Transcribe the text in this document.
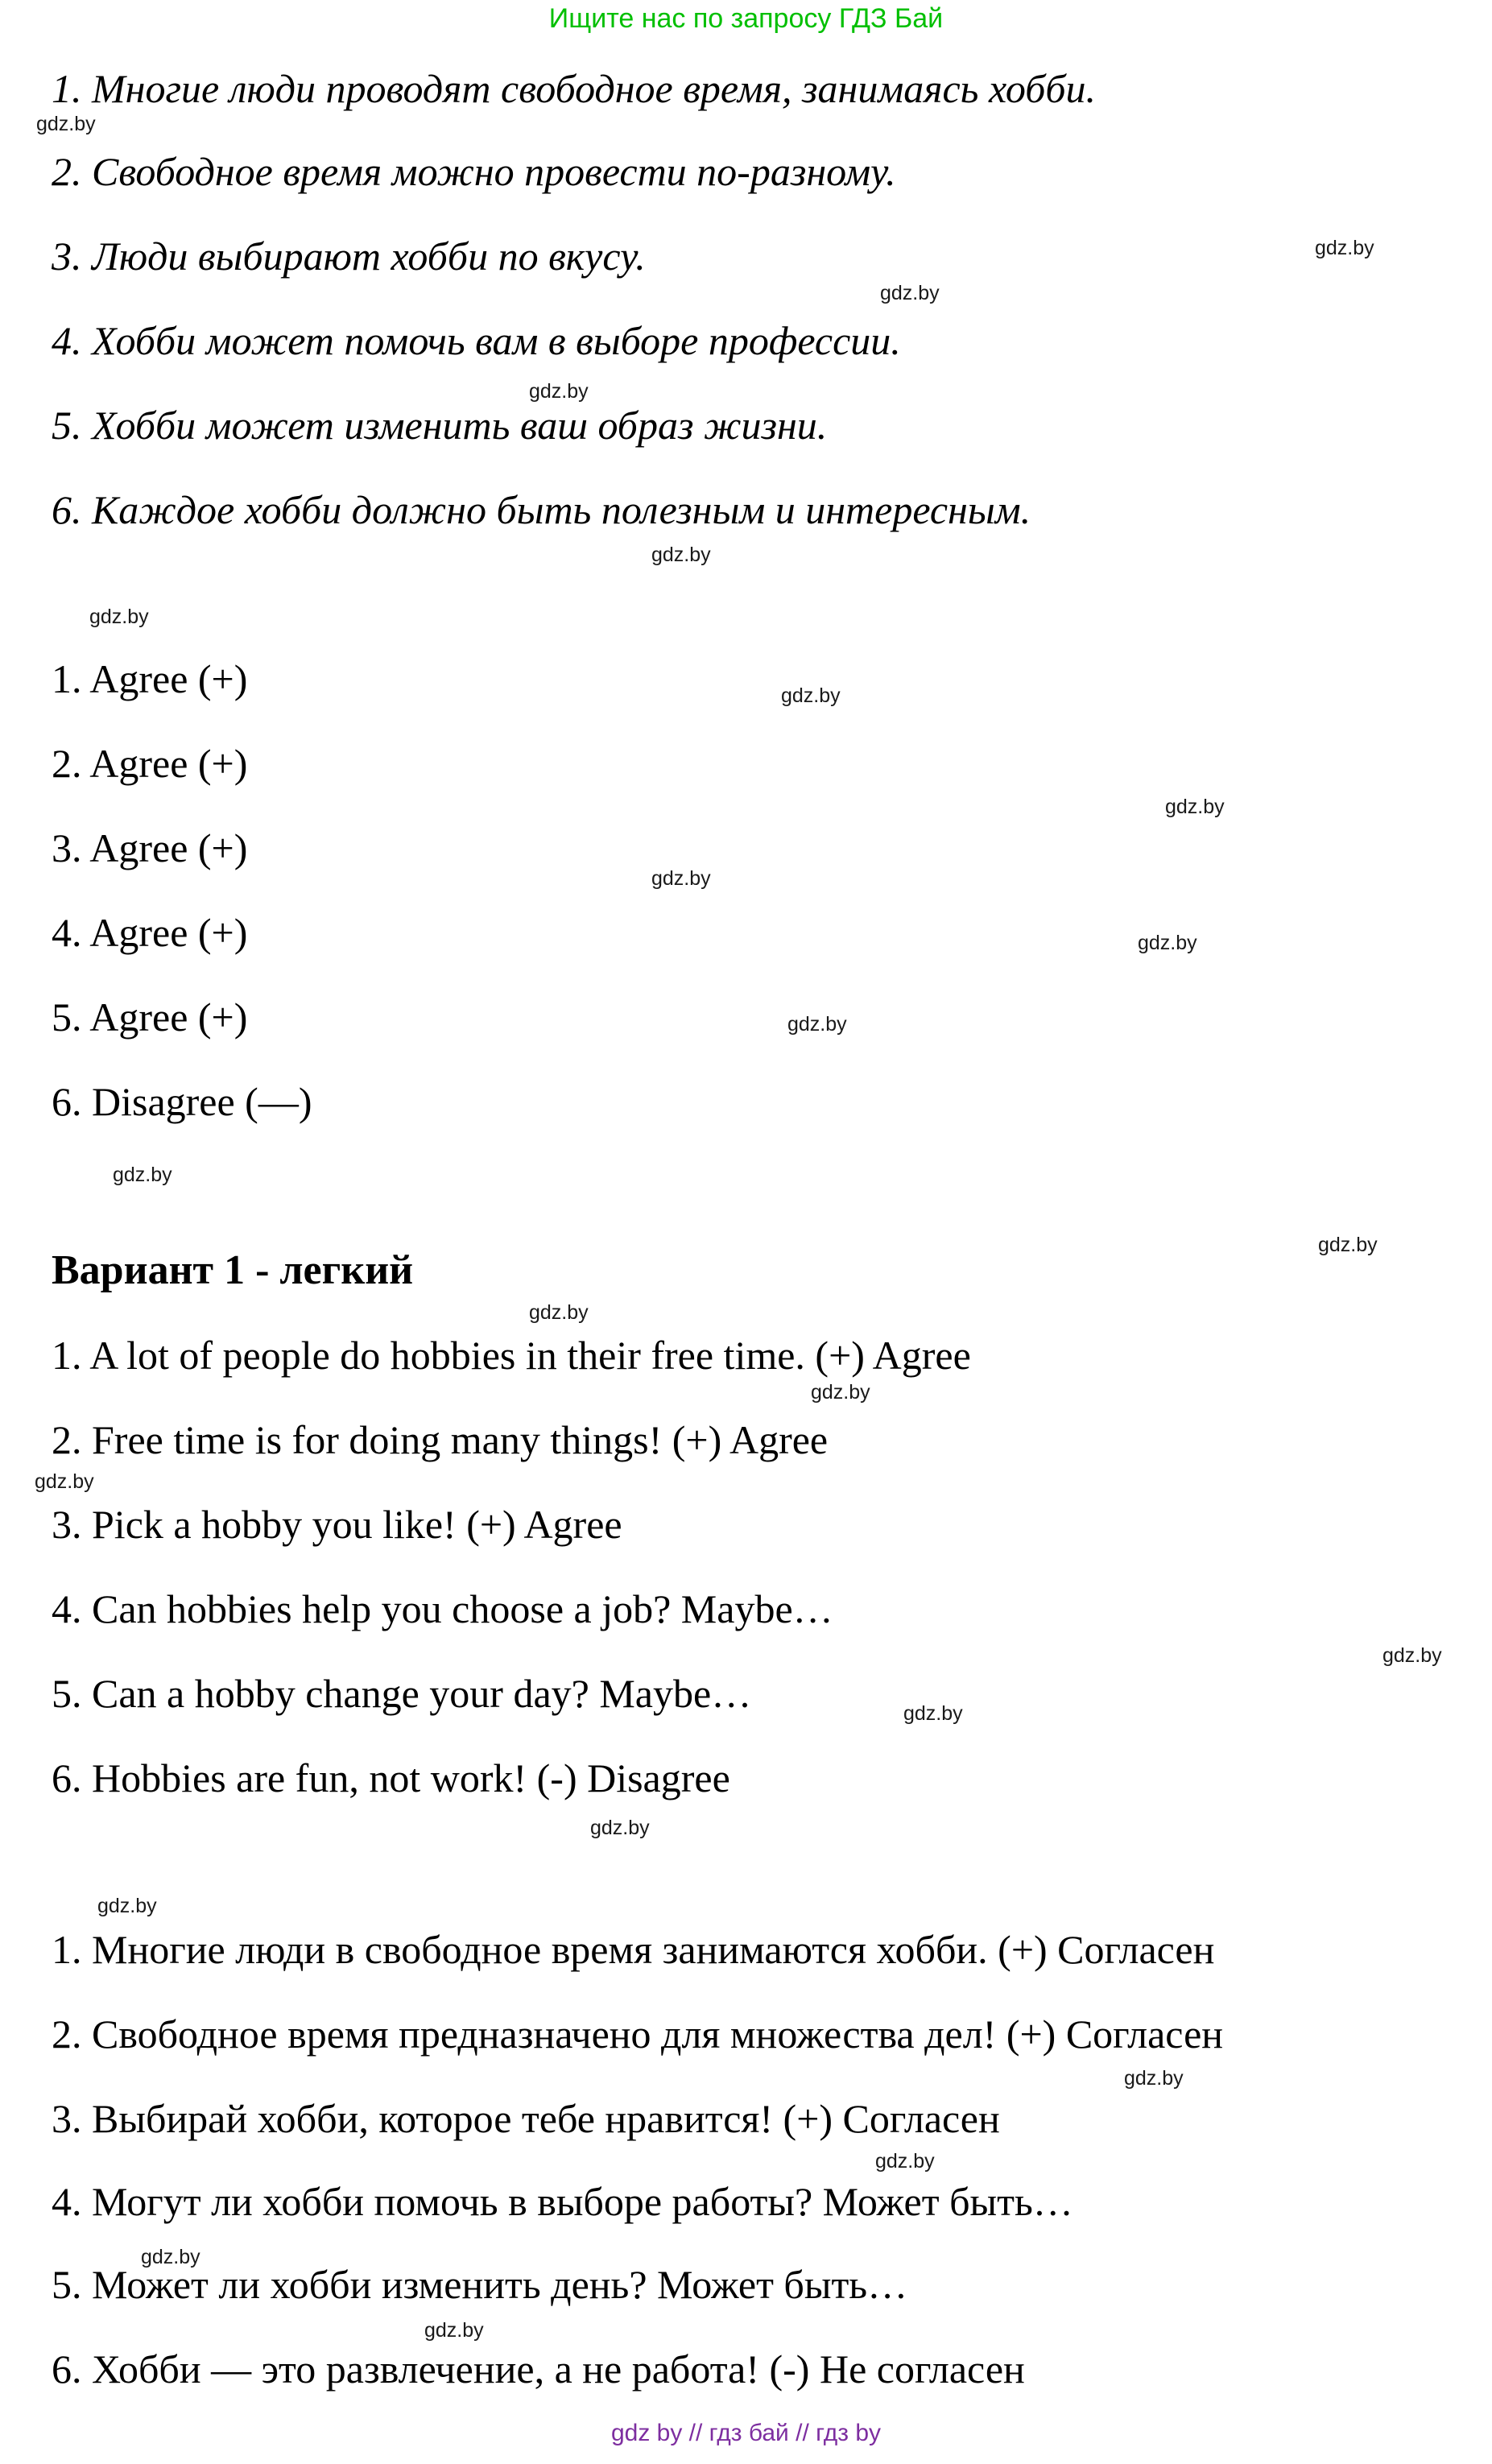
Ищите нас по запросу ГДЗ Бай
1. Многие люди проводят свободное время, занимаясь хобби.
2. Свободное время можно провести по-разному.
3. Люди выбирают хобби по вкусу.
4. Хобби может помочь вам в выборе профессии.
5. Хобби может изменить ваш образ жизни.
6. Каждое хобби должно быть полезным и интересным.
1. Agree (+)
2. Agree (+)
3. Agree (+)
4. Agree (+)
5. Agree (+)
6. Disagree (—)
Вариант 1 - легкий
1. A lot of people do hobbies in their free time. (+) Agree
2. Free time is for doing many things! (+) Agree
3. Pick a hobby you like! (+) Agree
4. Can hobbies help you choose a job? Maybe…
5. Can a hobby change your day? Maybe…
6. Hobbies are fun, not work! (-) Disagree
1. Многие люди в свободное время занимаются хобби. (+) Согласен
2. Свободное время предназначено для множества дел! (+) Согласен
3. Выбирай хобби, которое тебе нравится! (+) Согласен
4. Могут ли хобби помочь в выборе работы? Может быть…
5. Может ли хобби изменить день? Может быть…
6. Хобби — это развлечение, а не работа! (-) Не согласен
gdz.by
gdz.by
gdz.by
gdz.by
gdz.by
gdz.by
gdz.by
gdz.by
gdz.by
gdz.by
gdz.by
gdz.by
gdz.by
gdz.by
gdz.by
gdz.by
gdz.by
gdz.by
gdz.by
gdz.by
gdz.by
gdz.by
gdz.by
gdz.by
gdz by // гдз бай // гдз by
